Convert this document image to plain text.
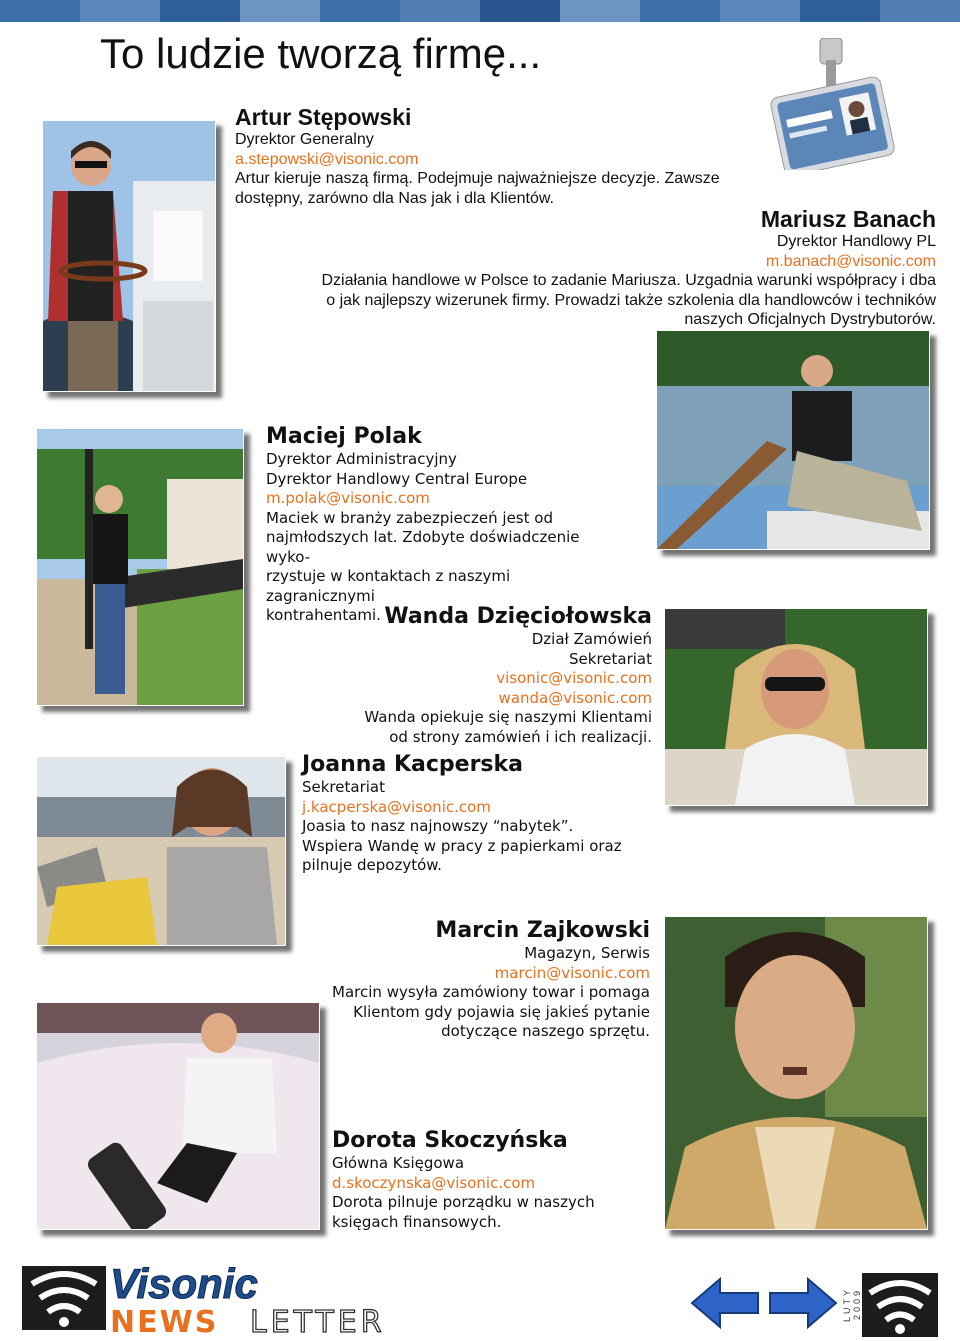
To ludzie tworzą firmę...
Artur Stępowski
Dyrektor Generalny
a.stepowski@visonic.com
Artur kieruje naszą firmą. Podejmuje najważniejsze decyzje. Zawsze
dostępny, zarówno dla Nas jak i dla Klientów.
Mariusz Banach
Dyrektor Handlowy PL
m.banach@visonic.com
Działania handlowe w Polsce to zadanie Mariusza. Uzgadnia warunki współpracy i dba
o jak najlepszy wizerunek firmy. Prowadzi także szkolenia dla handlowców i techników
naszych Oficjalnych Dystrybutorów.
Maciej Polak
Dyrektor Administracyjny
Dyrektor Handlowy Central Europe
m.polak@visonic.com
Maciek w branży zabezpieczeń jest od
najmłodszych lat. Zdobyte doświadczenie wyko-
rzystuje w kontaktach z naszymi zagranicznymi
kontrahentami. Wanda Dzięciołowska
Dział Zamówień
Sekretariat
visonic@visonic.com
wanda@visonic.com
Wanda opiekuje się naszymi Klientami
od strony zamówień i ich realizacji.
Joanna Kacperska
Sekretariat
j.kacperska@visonic.com
Joasia to nasz najnowszy “nabytek”.
Wspiera Wandę w pracy z papierkami oraz
pilnuje depozytów.
Marcin Zajkowski
Magazyn, Serwis
marcin@visonic.com
Marcin wysyła zamówiony towar i pomaga
Klientom gdy pojawia się jakieś pytanie
dotyczące naszego sprzętu.
Dorota Skoczyńska
Główna Księgowa
d.skoczynska@visonic.com
Dorota pilnuje porządku w naszych
księgach finansowych.
Visonic
NEWS LETTER
LUTY 2009
